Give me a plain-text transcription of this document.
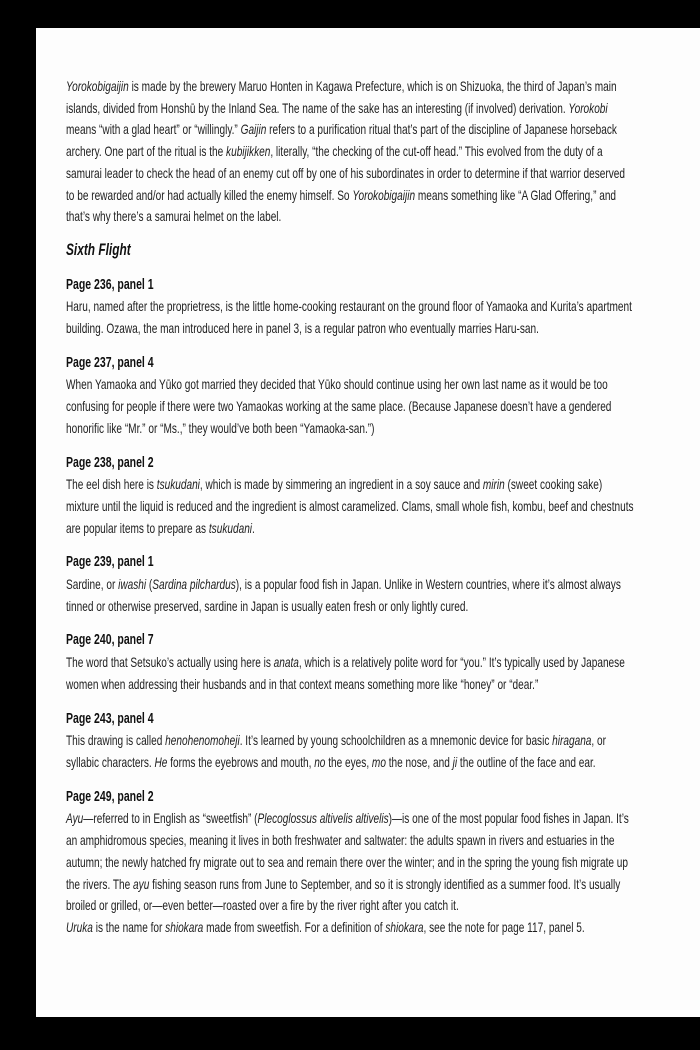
Yorokobigaijin is made by the brewery Maruo Honten in Kagawa Prefecture, which is on Shizuoka, the third of Japan’s main islands, divided from Honshū by the Inland Sea. The name of the sake has an interesting (if involved) derivation. Yorokobi means “with a glad heart” or “willingly.” Gaijin refers to a purification ritual that’s part of the discipline of Japanese horseback archery. One part of the ritual is the kubijikken, literally, “the checking of the cut-off head.” This evolved from the duty of a samurai leader to check the head of an enemy cut off by one of his subordinates in order to determine if that warrior deserved to be rewarded and/or had actually killed the enemy himself. So Yorokobigaijin means something like “A Glad Offering,” and that’s why there’s a samurai helmet on the label.

Sixth Flight
Page 236, panel 1

Haru, named after the proprietress, is the little home-cooking restaurant on the ground floor of Yamaoka and Kurita’s apartment building. Ozawa, the man introduced here in panel 3, is a regular patron who eventually marries Haru-san.

Page 237, panel 4

When Yamaoka and Yūko got married they decided that Yūko should continue using her own last name as it would be too confusing for people if there were two Yamaokas working at the same place. (Because Japanese doesn’t have a gendered honorific like “Mr.” or “Ms.,” they would’ve both been “Yamaoka-san.”)

Page 238, panel 2

The eel dish here is tsukudani, which is made by simmering an ingredient in a soy sauce and mirin (sweet cooking sake) mixture until the liquid is reduced and the ingredient is almost caramelized. Clams, small whole fish, kombu, beef and chestnuts are popular items to prepare as tsukudani.

Page 239, panel 1

Sardine, or iwashi (Sardina pilchardus), is a popular food fish in Japan. Unlike in Western countries, where it’s almost always tinned or otherwise preserved, sardine in Japan is usually eaten fresh or only lightly cured.

Page 240, panel 7

The word that Setsuko’s actually using here is anata, which is a relatively polite word for “you.” It’s typically used by Japanese women when addressing their husbands and in that context means something more like “honey” or “dear.”

Page 243, panel 4

This drawing is called henohenomoheji. It’s learned by young schoolchildren as a mnemonic device for basic hiragana, or syllabic characters. He forms the eyebrows and mouth, no the eyes, mo the nose, and ji the outline of the face and ear.

Page 249, panel 2

Ayu—referred to in English as “sweetfish” (Plecoglossus altivelis altivelis)—is one of the most popular food fishes in Japan. It’s an amphidromous species, meaning it lives in both freshwater and saltwater: the adults spawn in rivers and estuaries in the autumn; the newly hatched fry migrate out to sea and remain there over the winter; and in the spring the young fish migrate up the rivers. The ayu fishing season runs from June to September, and so it is strongly identified as a summer food. It’s usually broiled or grilled, or—even better—roasted over a fire by the river right after you catch it.

Uruka is the name for shiokara made from sweetfish. For a definition of shiokara, see the note for page 117, panel 5.
